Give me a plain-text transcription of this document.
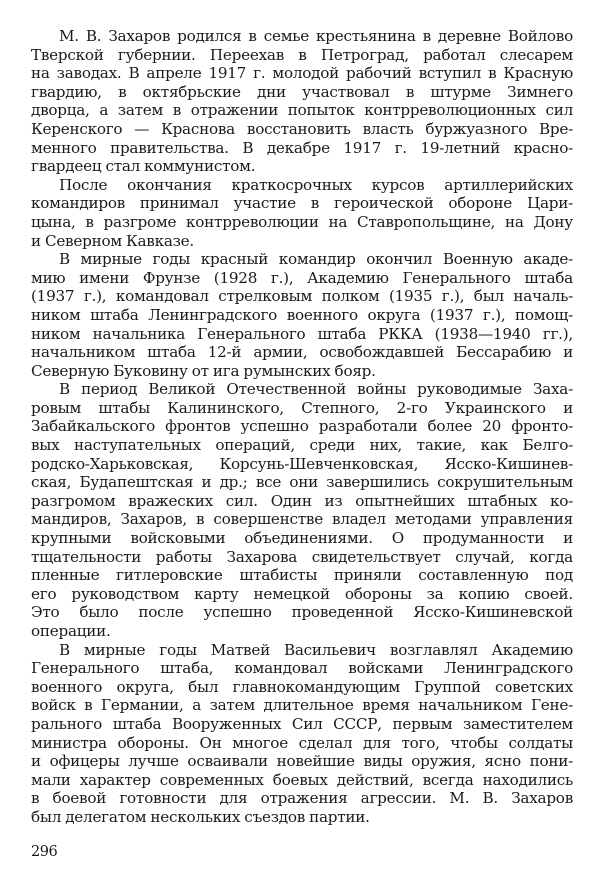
М. В. Захаров родился в семье крестьянина в деревне Войлово
Тверской губернии. Переехав в Петроград, работал слесарем
на заводах. В апреле 1917 г. молодой рабочий вступил в Красную
гвардию, в октябрьские дни участвовал в штурме Зимнего
дворца, а затем в отражении попыток контрреволюционных сил
Керенского — Краснова восстановить власть буржуазного Вре-
менного правительства. В декабре 1917 г. 19-летний красно-
гвардеец стал коммунистом.
После окончания краткосрочных курсов артиллерийских
командиров принимал участие в героической обороне Цари-
цына, в разгроме контрреволюции на Ставропольщине, на Дону
и Северном Кавказе.
В мирные годы красный командир окончил Военную акаде-
мию имени Фрунзе (1928 г.), Академию Генерального штаба
(1937 г.), командовал стрелковым полком (1935 г.), был началь-
ником штаба Ленинградского военного округа (1937 г.), помощ-
ником начальника Генерального штаба РККА (1938—1940 гг.),
начальником штаба 12-й армии, освобождавшей Бессарабию и
Северную Буковину от ига румынских бояр.
В период Великой Отечественной войны руководимые Заха-
ровым штабы Калининского, Степного, 2-го Украинского и
Забайкальского фронтов успешно разработали более 20 фронто-
вых наступательных операций, среди них, такие, как Белго-
родско-Харьковская, Корсунь-Шевченковская, Ясско-Кишинев-
ская, Будапештская и др.; все они завершились сокрушительным
разгромом вражеских сил. Один из опытнейших штабных ко-
мандиров, Захаров, в совершенстве владел методами управления
крупными войсковыми объединениями. О продуманности и
тщательности работы Захарова свидетельствует случай, когда
пленные гитлеровские штабисты приняли составленную под
его руководством карту немецкой обороны за копию своей.
Это было после успешно проведенной Ясско-Кишиневской
операции.
В мирные годы Матвей Васильевич возглавлял Академию
Генерального штаба, командовал войсками Ленинградского
военного округа, был главнокомандующим Группой советских
войск в Германии, а затем длительное время начальником Гене-
рального штаба Вооруженных Сил СССР, первым заместителем
министра обороны. Он многое сделал для того, чтобы солдаты
и офицеры лучше осваивали новейшие виды оружия, ясно пони-
мали характер современных боевых действий, всегда находились
в боевой готовности для отражения агрессии. М. В. Захаров
был делегатом нескольких съездов партии.
296
